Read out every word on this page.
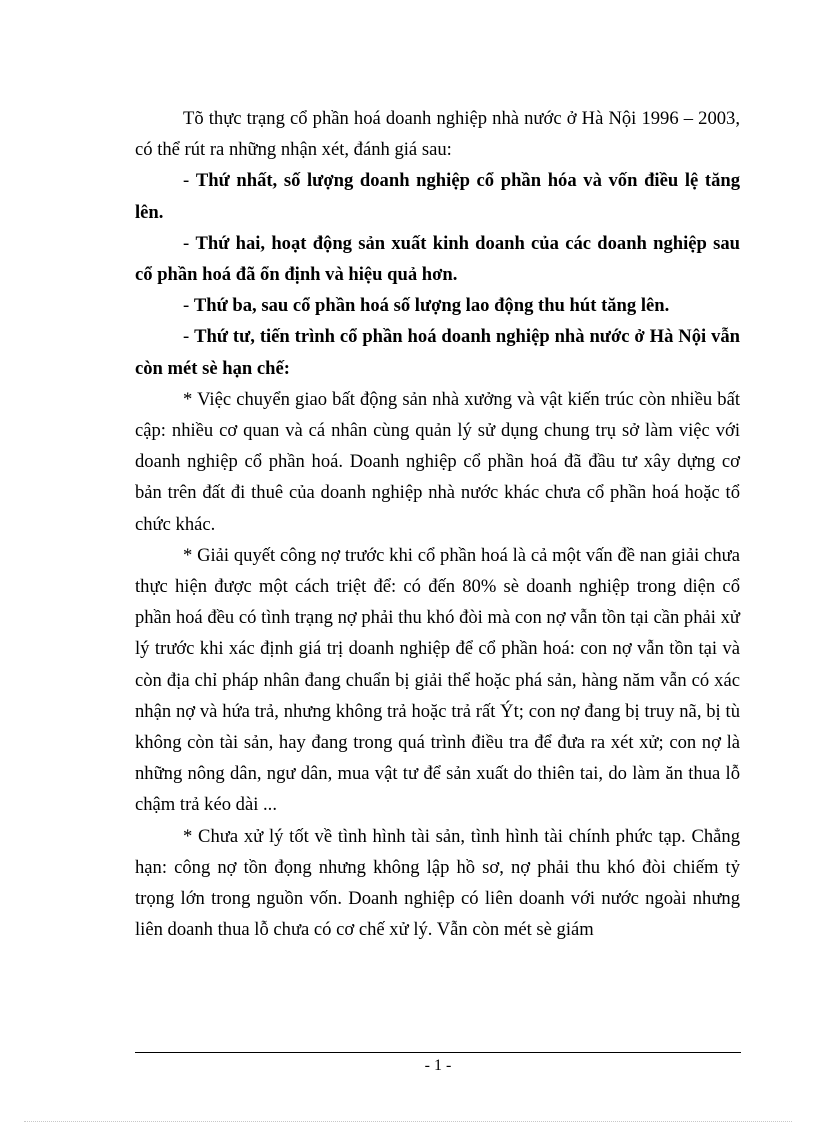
Tõ thực trạng cổ phần hoá doanh nghiệp nhà nước ở Hà Nội 1996 – 2003, có thể rút ra những nhận xét, đánh giá sau:

- Thứ nhất, số lượng doanh nghiệp cổ phần hóa và vốn điều lệ tăng lên.

- Thứ hai, hoạt động sản xuất kinh doanh của các doanh nghiệp sau cổ phần hoá đã ổn định và hiệu quả hơn.

- Thứ ba, sau cổ phần hoá số lượng lao động thu hút tăng lên.

- Thứ tư, tiến trình cổ phần hoá doanh nghiệp nhà nước ở Hà Nội vẫn còn mét sè hạn chế:

* Việc chuyển giao bất động sản nhà xưởng và vật kiến trúc còn nhiều bất cập: nhiều cơ quan và cá nhân cùng quản lý sử dụng chung trụ sở làm việc với doanh nghiệp cổ phần hoá. Doanh nghiệp cổ phần hoá đã đầu tư xây dựng cơ bản trên đất đi thuê của doanh nghiệp nhà nước khác chưa cổ phần hoá hoặc tổ chức khác.

* Giải quyết công nợ trước khi cổ phần hoá là cả một vấn đề nan giải chưa thực hiện được một cách triệt để: có đến 80% sè doanh nghiệp trong diện cổ phần hoá đều có tình trạng nợ phải thu khó đòi mà con nợ vẫn tồn tại cần phải xử lý trước khi xác định giá trị doanh nghiệp để cổ phần hoá: con nợ vẫn tồn tại và còn địa chỉ pháp nhân đang chuẩn bị giải thể hoặc phá sản, hàng năm vẫn có xác nhận nợ và hứa trả, nhưng không trả hoặc trả rất Ýt; con nợ đang bị truy nã, bị tù không còn tài sản, hay đang trong quá trình điều tra để đưa ra xét xử; con nợ là những nông dân, ngư dân, mua vật tư để sản xuất do thiên tai, do làm ăn thua lỗ chậm trả kéo dài ...

* Chưa xử lý tốt về tình hình tài sản, tình hình tài chính phức tạp. Chẳng hạn: công nợ tồn đọng nhưng không lập hồ sơ, nợ phải thu khó đòi chiếm tỷ trọng lớn trong nguồn vốn. Doanh nghiệp có liên doanh với nước ngoài nhưng liên doanh thua lỗ chưa có cơ chế xử lý. Vẫn còn mét sè giám

- 1 -
